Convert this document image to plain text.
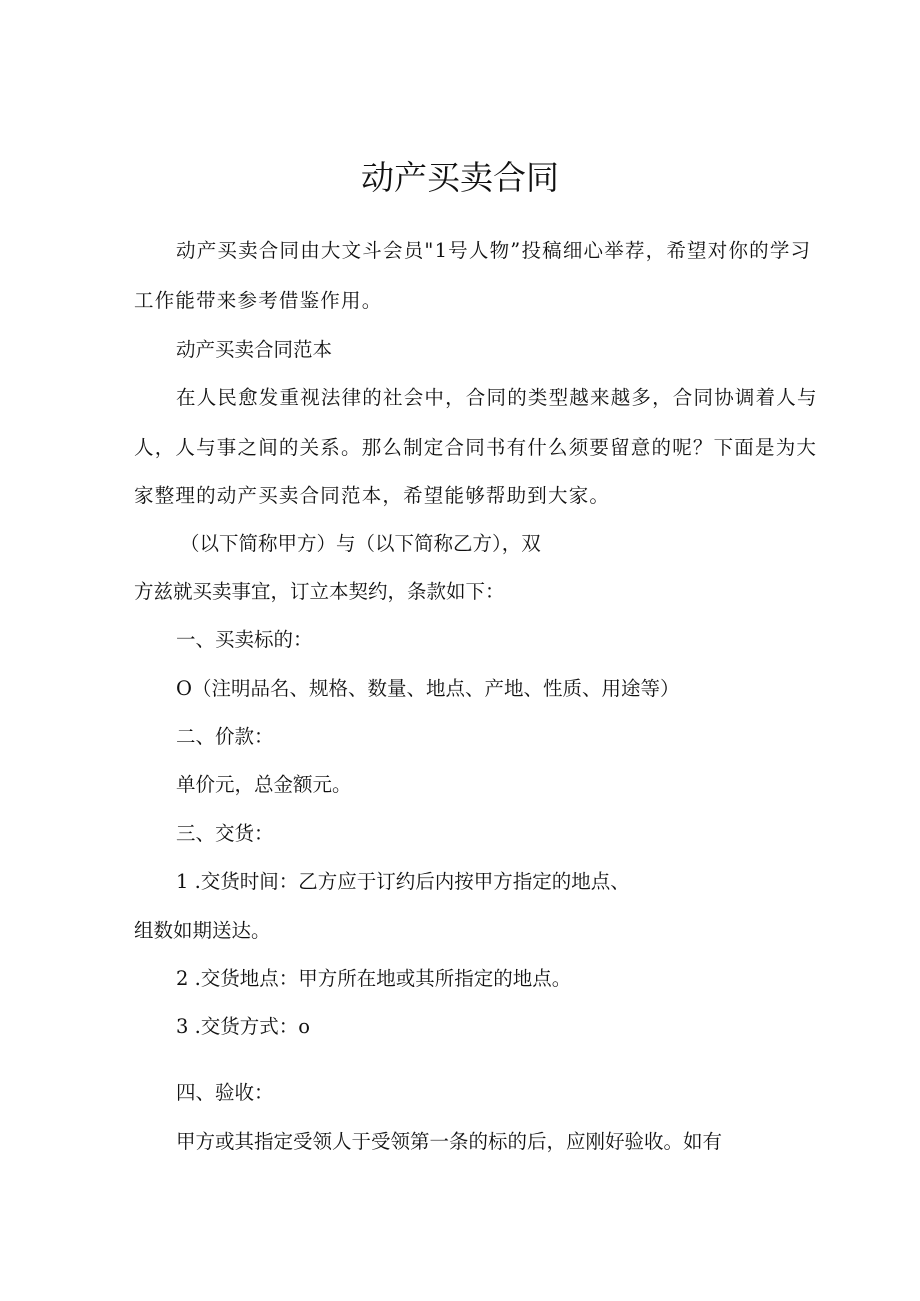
动产买卖合同

动产买卖合同由大文斗会员"1号人物”投稿细心举荐，希望对你的学习

工作能带来参考借鉴作用。

动产买卖合同范本

在人民愈发重视法律的社会中，合同的类型越来越多，合同协调着人与

人，人与事之间的关系。那么制定合同书有什么须要留意的呢？下面是为大

家整理的动产买卖合同范本，希望能够帮助到大家。

（以下简称甲方）与（以下简称乙方），双

方兹就买卖事宜，订立本契约，条款如下：

一、买卖标的：

O（注明品名、规格、数量、地点、产地、性质、用途等）

二、价款：

单价元，总金额元。

三、交货：

1 .交货时间：乙方应于订约后内按甲方指定的地点、

组数如期送达。

2 .交货地点：甲方所在地或其所指定的地点。

3 .交货方式：o

四、验收：

甲方或其指定受领人于受领第一条的标的后，应刚好验收。如有
